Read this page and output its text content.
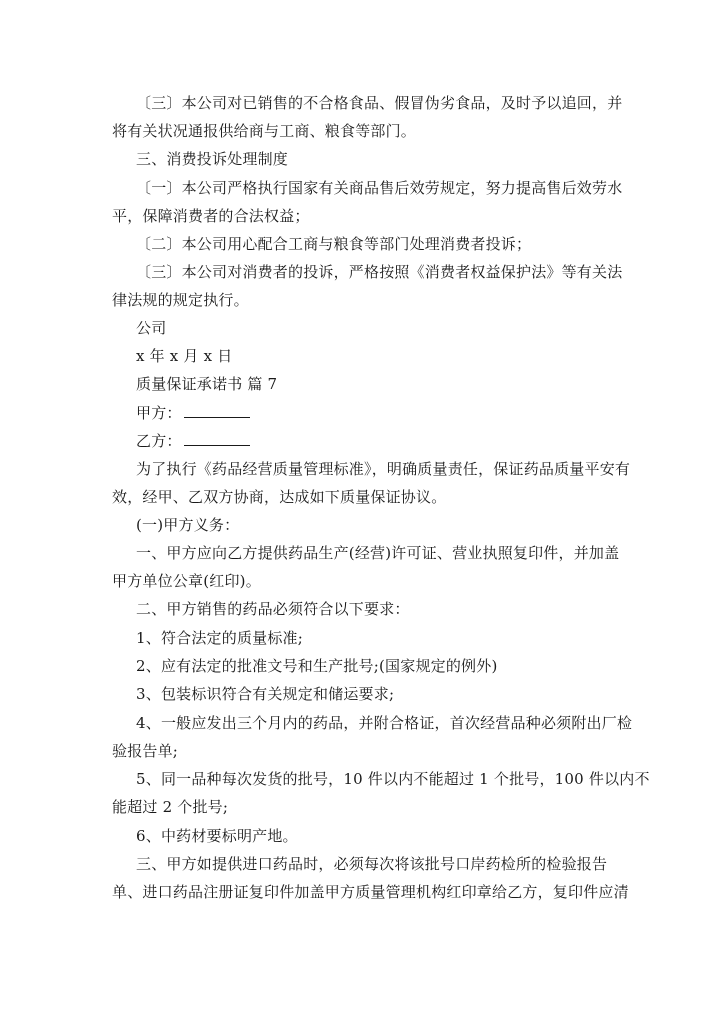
〔三〕本公司对已销售的不合格食品、假冒伪劣食品，及时予以追回，并
将有关状况通报供给商与工商、粮食等部门。
三、消费投诉处理制度
〔一〕本公司严格执行国家有关商品售后效劳规定，努力提高售后效劳水
平，保障消费者的合法权益；
〔二〕本公司用心配合工商与粮食等部门处理消费者投诉；
〔三〕本公司对消费者的投诉，严格按照《消费者权益保护法》等有关法
律法规的规定执行。
公司
x 年 x 月 x 日
质量保证承诺书 篇 7
甲方：
乙方：
为了执行《药品经营质量管理标准》，明确质量责任，保证药品质量平安有
效，经甲、乙双方协商，达成如下质量保证协议。
(一)甲方义务：
一、甲方应向乙方提供药品生产(经营)许可证、营业执照复印件，并加盖
甲方单位公章(红印)。
二、甲方销售的药品必须符合以下要求：
1、符合法定的质量标准;
2、应有法定的批准文号和生产批号;(国家规定的例外)
3、包装标识符合有关规定和储运要求;
4、一般应发出三个月内的药品，并附合格证，首次经营品种必须附出厂检
验报告单;
5、同一品种每次发货的批号，10 件以内不能超过 1 个批号，100 件以内不
能超过 2 个批号;
6、中药材要标明产地。
三、甲方如提供进口药品时，必须每次将该批号口岸药检所的检验报告
单、进口药品注册证复印件加盖甲方质量管理机构红印章给乙方，复印件应清
